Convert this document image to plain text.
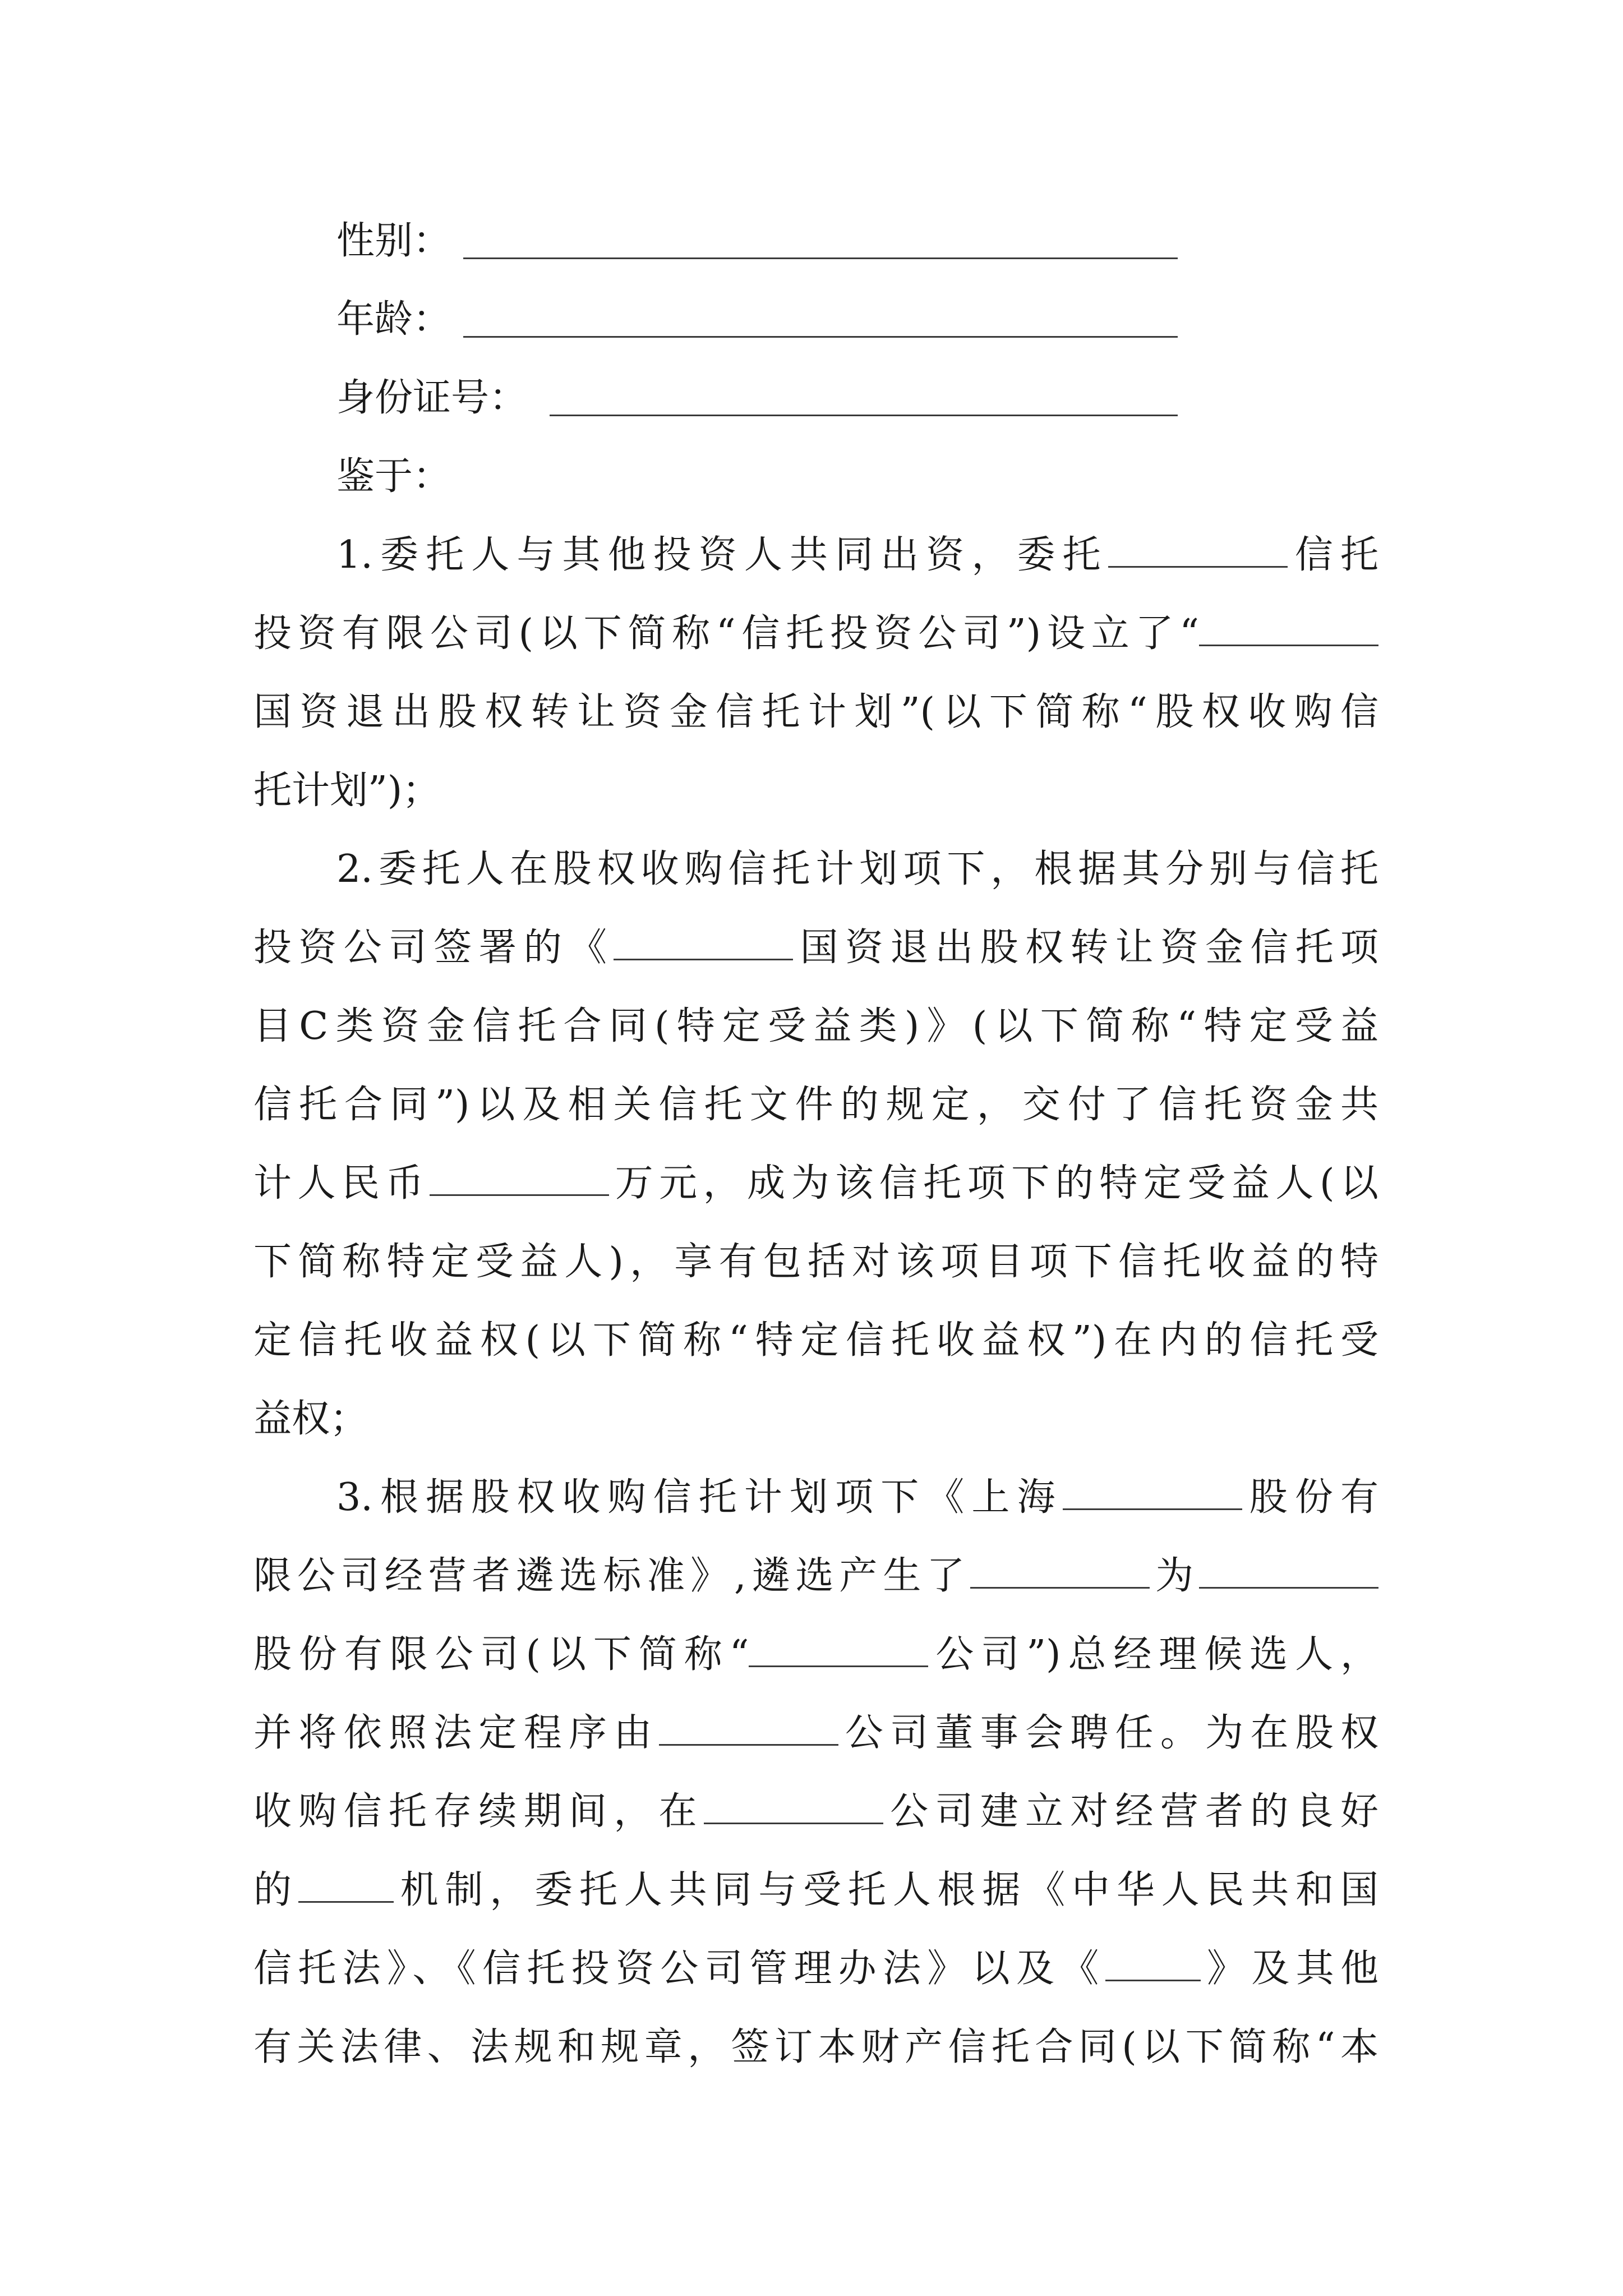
性别：
年龄：
身份证号：
鉴于：
1.委托人与其他投资人共同出资，委托	信托
投资有限公司(以下简称“信托投资公司”)设立了“
国资退出股权转让资金信托计划”(以下简称“股权收购信
托计划”)；
2.委托人在股权收购信托计划项下，根据其分别与信托
投资公司签署的《	国资退出股权转让资金信托项
目C类资金信托合同(特定受益类)》(以下简称“特定受益
信托合同”)以及相关信托文件的规定，交付了信托资金共
计人民币	万元，成为该信托项下的特定受益人(以
下简称特定受益人)，享有包括对该项目项下信托收益的特
定信托收益权(以下简称“特定信托收益权”)在内的信托受
益权；
3.根据股权收购信托计划项下《上海	股份有
限公司经营者遴选标准》,遴选产生了	为
股份有限公司(以下简称“	公司”)总经理候选人，
并将依照法定程序由	公司董事会聘任。为在股权
收购信托存续期间，在	公司建立对经营者的良好
的	机制，委托人共同与受托人根据《中华人民共和国
信托法》、《信托投资公司管理办法》以及《	》及其他
有关法律、法规和规章，签订本财产信托合同(以下简称“本
